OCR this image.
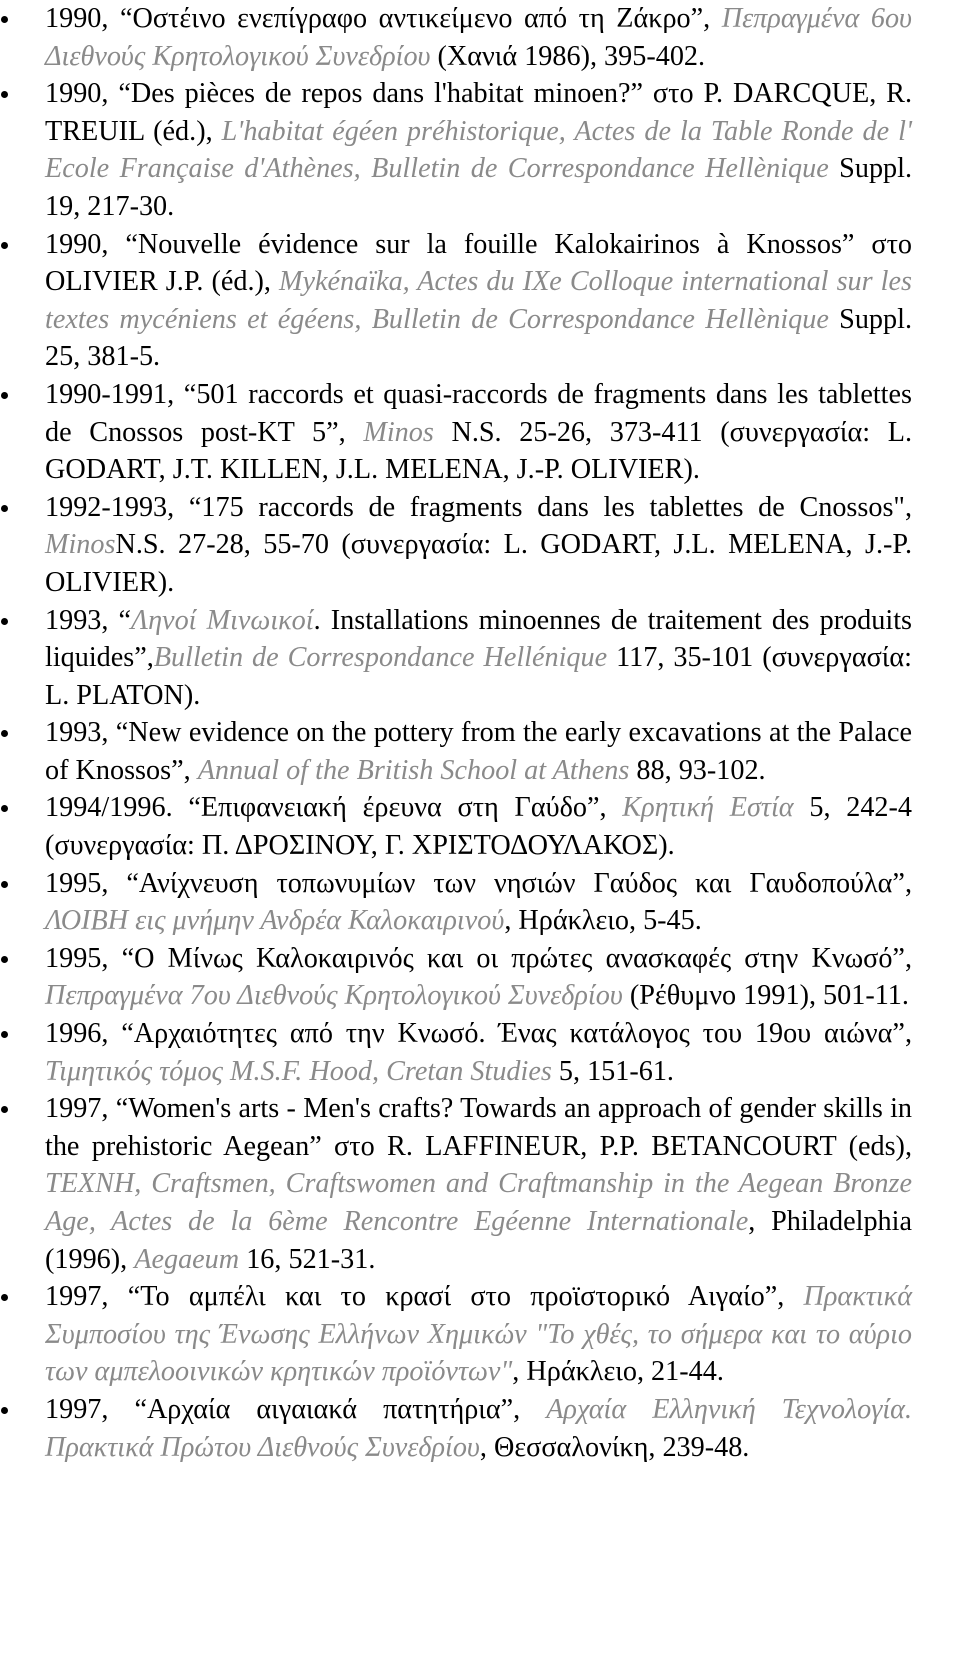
1990, “Οστέινο ενεπίγραφο αντικείμενο από τη Ζάκρο”, Πεπραγμένα 6ου Διεθνούς Κρητολογικού Συνεδρίου (Χανιά 1986), 395-402.
1990, “Des pièces de repos dans l'habitat minoen?” στο P. DARCQUE, R. TREUIL (éd.), L'habitat égéen préhistorique, Actes de la Table Ronde de l' Ecole Française d'Athènes, Bulletin de Correspondance Hellènique Suppl. 19, 217-30.
1990, “Nouvelle évidence sur la fouille Kalokairinos à Knossos” στο OLIVIER J.P. (éd.), Mykénaïka, Actes du IXe Colloque international sur les textes mycéniens et égéens, Bulletin de Correspondance Hellènique Suppl. 25, 381-5.
1990-1991, “501 raccords et quasi-raccords de fragments dans les tablettes de Cnossos post-KT 5”, Minos N.S. 25-26, 373-411 (συνεργασία: L. GODART, J.T. KILLEN, J.L. MELENA, J.-P. OLIVIER).
1992-1993, “175 raccords de fragments dans les tablettes de Cnossos", MinosN.S. 27-28, 55-70 (συνεργασία: L. GODART, J.L. MELENA, J.-P. OLIVIER).
1993, “Ληνοί Μινωικοί. Installations minoennes de traitement des produits liquides”,Bulletin de Correspondance Hellénique 117, 35-101 (συνεργασία: L. PLATON).
1993, “New evidence on the pottery from the early excavations at the Palace of Knossos”, Annual of the British School at Athens 88, 93-102.
1994/1996. “Επιφανειακή έρευνα στη Γαύδο”, Κρητική Εστία 5, 242-4 (συνεργασία: Π. ΔΡΟΣΙΝΟΥ, Γ. ΧΡΙΣΤΟΔΟΥΛΑΚΟΣ).
1995, “Ανίχνευση τοπωνυμίων των νησιών Γαύδος και Γαυδοπούλα”, ΛΟΙΒΗ εις μνήμην Ανδρέα Καλοκαιρινού, Ηράκλειο, 5-45.
1995, “Ο Μίνως Καλοκαιρινός και οι πρώτες ανασκαφές στην Κνωσό”, Πεπραγμένα 7ου Διεθνούς Κρητολογικού Συνεδρίου (Ρέθυμνο 1991), 501-11.
1996, “Αρχαιότητες από την Κνωσό. Ένας κατάλογος του 19ου αιώνα”, Τιμητικός τόμος M.S.F. Hood, Cretan Studies 5, 151-61.
1997, “Women's arts - Men's crafts? Towards an approach of gender skills in the prehistoric Aegean” στο R. LAFFINEUR, P.P. BETANCOURT (eds), TEXNH, Craftsmen, Craftswomen and Craftmanship in the Aegean Bronze Age, Actes de la 6ème Rencontre Egéenne Internationale, Philadelphia (1996), Aegaeum 16, 521-31.
1997, “Το αμπέλι και το κρασί στο προϊστορικό Αιγαίο”, Πρακτικά Συμποσίου της Ένωσης Ελλήνων Χημικών "Το χθές, το σήμερα και το αύριο των αμπελοοινικών κρητικών προϊόντων", Ηράκλειο, 21-44.
1997, “Αρχαία αιγαιακά πατητήρια”, Αρχαία Ελληνική Τεχνολογία. Πρακτικά Πρώτου Διεθνούς Συνεδρίου, Θεσσαλονίκη, 239-48.
